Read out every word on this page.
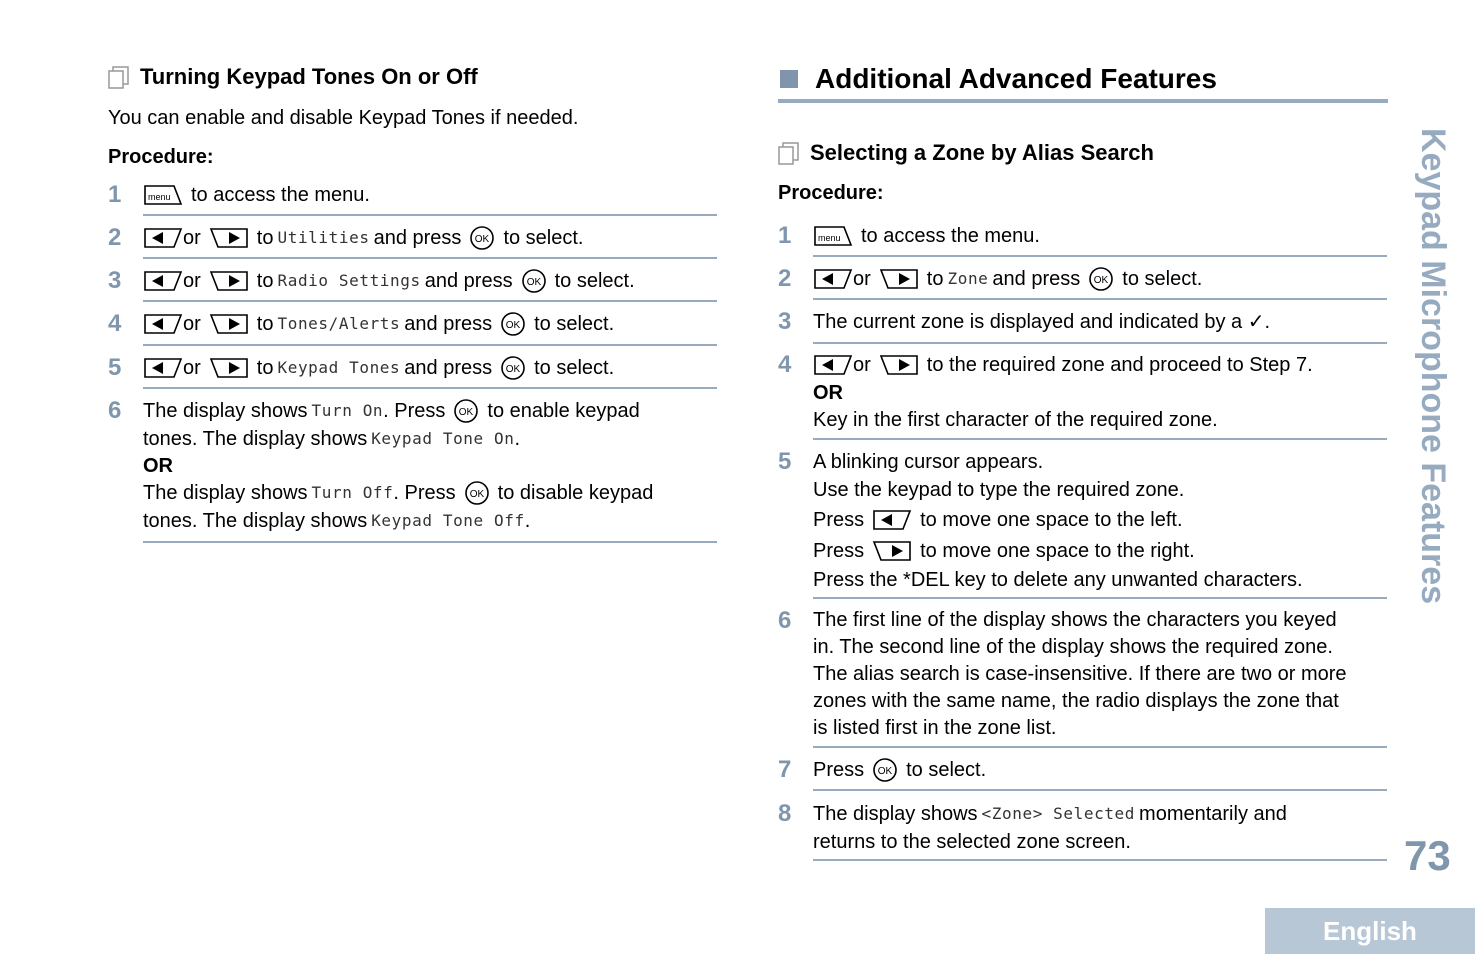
Turning Keypad Tones On or Off
You can enable and disable Keypad Tones if needed.
Procedure:
1	menu to access the menu.
2	or	to Utilities and press OK to select.
3	or	to Radio Settings and press OK to select.
4	or	to Tones/Alerts and press OK to select.
5	or	to Keypad Tones and press OK to select.
6 The display shows Turn On . Press OK to enable keypad
tones. The display shows Keypad Tone On .
OR
The display shows Turn Off . Press OK to disable keypad
tones. The display shows Keypad Tone Off .
Additional Advanced Features
Selecting a Zone by Alias Search
Procedure:
1	menu to access the menu.
2	or	to Zone and press OK to select.
3 The current zone is displayed and indicated by a ✓.
4	or	to the required zone and proceed to Step 7.
OR
Key in the first character of the required zone.
5 A blinking cursor appears.
Use the keypad to type the required zone.
Press	to move one space to the left.
Press	to move one space to the right.
Press the *DEL key to delete any unwanted characters.
6 The first line of the display shows the characters you keyed
in. The second line of the display shows the required zone.
The alias search is case-insensitive. If there are two or more
zones with the same name, the radio displays the zone that
is listed first in the zone list.
7 Press OK to select.
8 The display shows <Zone> Selected momentarily and
returns to the selected zone screen.
Keypad Microphone Features
73
English
